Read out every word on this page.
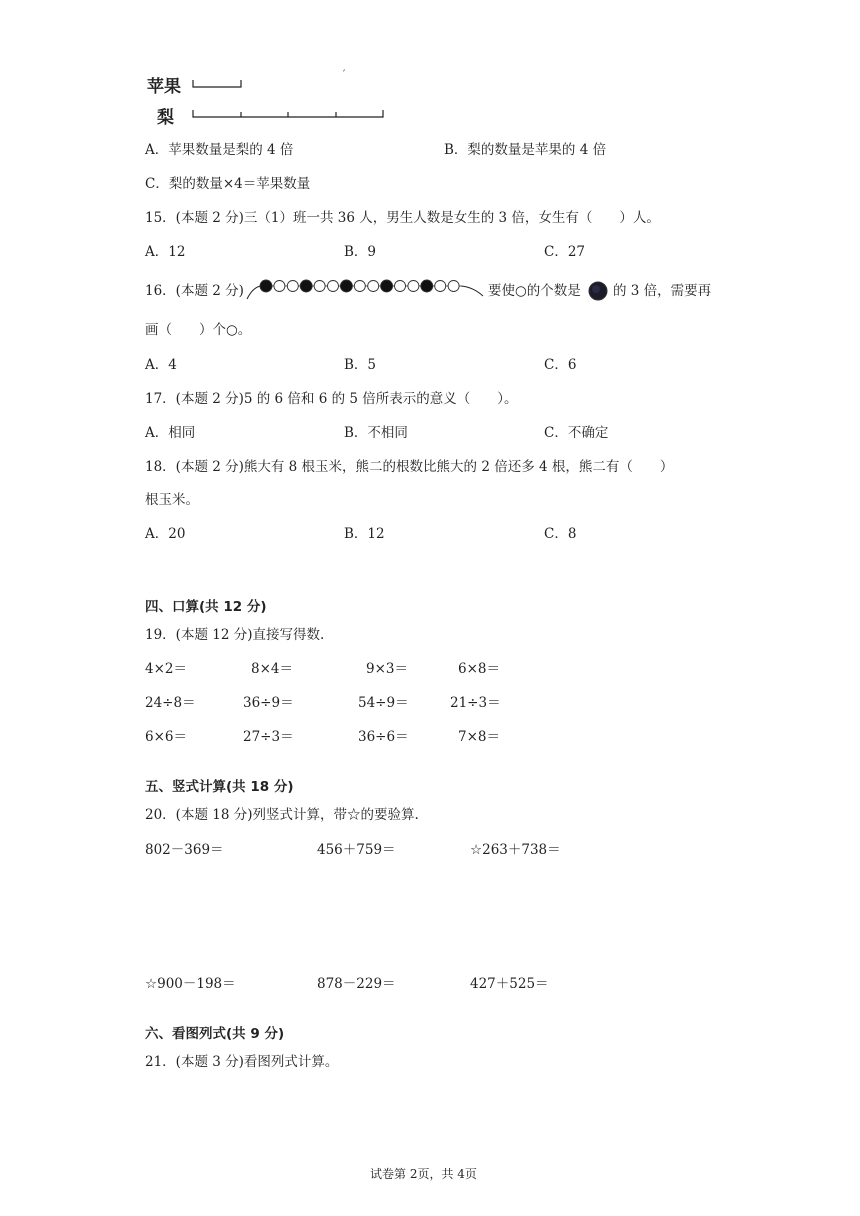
苹果
ˊ
梨
A．苹果数量是梨的 4 倍	B．梨的数量是苹果的 4 倍
C．梨的数量×4＝苹果数量
15．(本题 2 分)三（1）班一共 36 人，男生人数是女生的 3 倍，女生有（　　）人。
A．12	B．9	C．27
16．(本题 2 分)	要使○的个数是 的 3 倍，需要再
画（　　）个○。
A．4	B．5	C．6
17．(本题 2 分)5 的 6 倍和 6 的 5 倍所表示的意义（　　）。
A．相同	B．不相同	C．不确定
18．(本题 2 分)熊大有 8 根玉米，熊二的根数比熊大的 2 倍还多 4 根，熊二有（　　）
根玉米。
A．20	B．12	C．8
四、口算(共 12 分)
19．(本题 12 分)直接写得数.
4×2＝	8×4＝	9×3＝	6×8＝
24÷8＝	36÷9＝	54÷9＝	21÷3＝
6×6＝	27÷3＝	36÷6＝	7×8＝
五、竖式计算(共 18 分)
20．(本题 18 分)列竖式计算，带☆的要验算.
802－369＝	456＋759＝	☆263＋738＝
☆900－198＝	878－229＝	427＋525＝
六、看图列式(共 9 分)
21．(本题 3 分)看图列式计算。
试卷第 2页，共 4页
